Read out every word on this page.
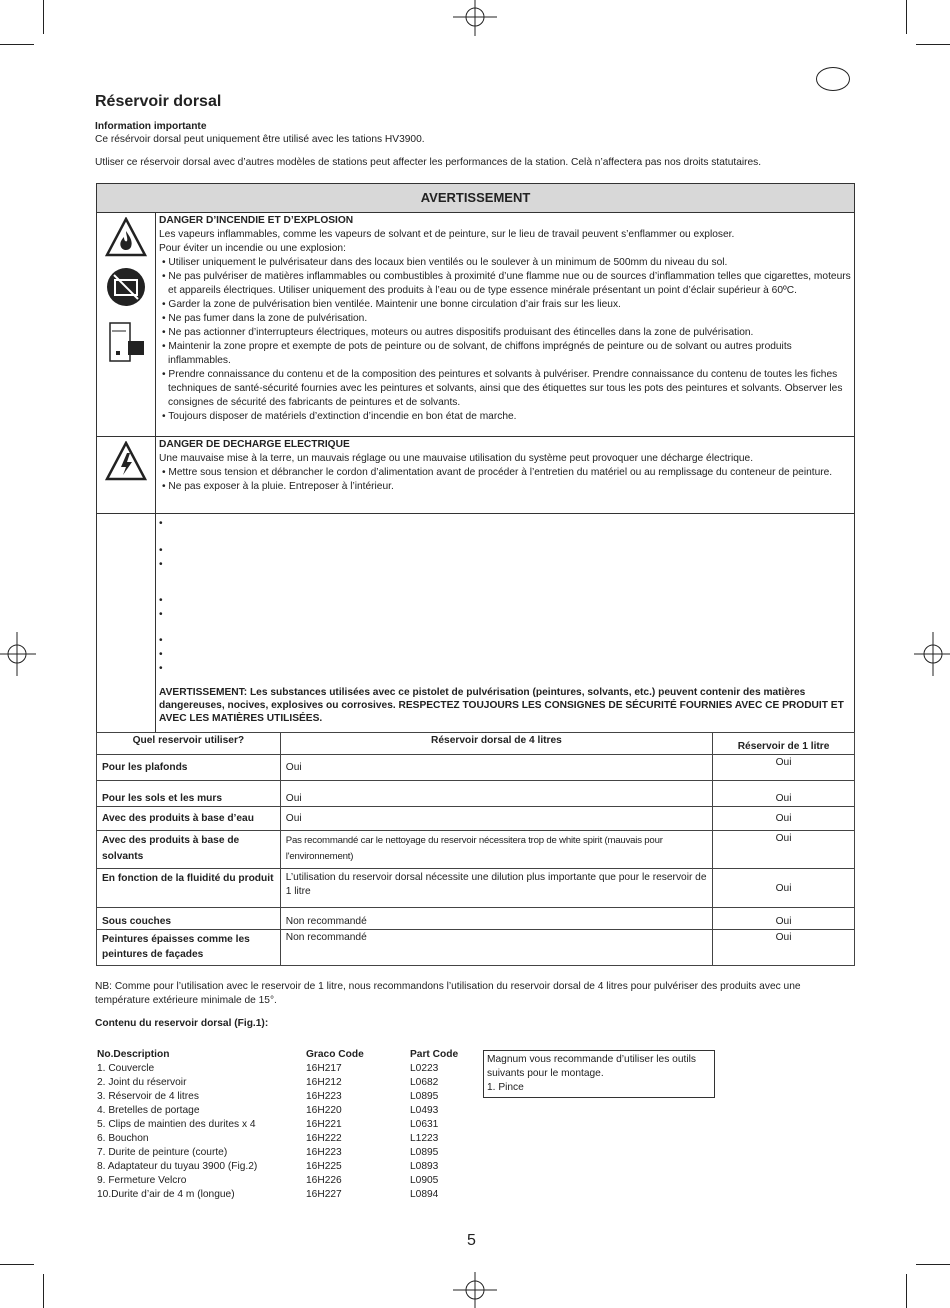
Réservoir dorsal
Information importante
Ce résérvoir dorsal peut uniquement être utilisé avec les tations HV3900.
Utliser ce réservoir dorsal avec d’autres modèles de stations peut affecter les performances de la station. Celà n’affectera pas nos droits statutaires.
AVERTISSEMENT
DANGER D’INCENDIE ET D’EXPLOSION
Les vapeurs inflammables, comme les vapeurs de solvant et de peinture, sur le lieu de travail peuvent s’enflammer ou exploser.
Pour éviter un incendie ou une explosion:
• Utiliser uniquement le pulvérisateur dans des locaux bien ventilés ou le soulever à un minimum de 500mm du niveau du sol.
• Ne pas pulvériser de matières inflammables ou combustibles à proximité d’une flamme nue ou de sources d’inflammation telles que cigarettes, moteurs et appareils électriques. Utiliser uniquement des produits à l’eau ou de type essence minérale présentant un point d’éclair supérieur à 60ºC.
• Garder la zone de pulvérisation bien ventilée. Maintenir une bonne circulation d’air frais sur les lieux.
• Ne pas fumer dans la zone de pulvérisation.
• Ne pas actionner d’interrupteurs électriques, moteurs ou autres dispositifs produisant des étincelles dans la zone de pulvérisation.
• Maintenir la zone propre et exempte de pots de peinture ou de solvant, de chiffons imprégnés de peinture ou de solvant ou autres produits inflammables.
• Prendre connaissance du contenu et de la composition des peintures et solvants à pulvériser. Prendre connaissance du contenu de toutes les fiches techniques de santé-sécurité fournies avec les peintures et solvants, ainsi que des étiquettes sur tous les pots des peintures et solvants. Observer les consignes de sécurité des fabricants de peintures et de solvants.
• Toujours disposer de matériels d’extinction d’incendie en bon état de marche.
DANGER DE DECHARGE ELECTRIQUE
Une mauvaise mise à la terre, un mauvais réglage ou une mauvaise utilisation du système peut provoquer une décharge électrique.
• Mettre sous tension et débrancher le cordon d’alimentation avant de procéder à l’entretien du matériel ou au remplissage du conteneur de peinture.
• Ne pas exposer à la pluie. Entreposer à l’intérieur.
•
•
•
•
•
•
•
•
AVERTISSEMENT: Les substances utilisées avec ce pistolet de pulvérisation (peintures, solvants, etc.) peuvent contenir des matières dangereuses, nocives, explosives ou corrosives. RESPECTEZ TOUJOURS LES CONSIGNES DE SÉCURITÉ FOURNIES AVEC CE PRODUIT ET AVEC LES MATIÈRES UTILISÉES.
Quel reservoir utiliser?	Réservoir dorsal de 4 litres	Réservoir de 1 litre
Pour les plafonds	Oui	Oui
Pour les sols et les murs	Oui	Oui
Avec des produits à base d’eau	Oui	Oui
Avec des produits à base de solvants	Pas recommandé car le nettoyage du reservoir nécessitera trop de white spirit (mauvais pour l'environnement)	Oui
En fonction de la fluidité du produit	L’utilisation du reservoir dorsal nécessite une dilution plus importante que pour le reservoir de 1 litre	Oui
Sous couches	Non recommandé	Oui
Peintures épaisses comme les peintures de façades	Non recommandé	Oui
NB: Comme pour l’utilisation avec le reservoir de 1 litre, nous recommandons l’utilisation du reservoir dorsal de 4 litres pour pulvériser des produits avec une température extérieure minimale de 15°.
Contenu du reservoir dorsal (Fig.1):
No.Description	Graco Code	Part Code
1. Couvercle	16H217	L0223
2. Joint du réservoir	16H212	L0682
3. Réservoir de 4 litres	16H223	L0895
4. Bretelles de portage	16H220	L0493
5. Clips de maintien des durites x 4	16H221	L0631
6. Bouchon	16H222	L1223
7. Durite de peinture (courte)	16H223	L0895
8. Adaptateur du tuyau 3900 (Fig.2)	16H225	L0893
9. Fermeture Velcro	16H226	L0905
10.Durite d’air de 4 m (longue)	16H227	L0894
Magnum vous recommande d’utiliser les outils suivants pour le montage.
1. Pince
5
